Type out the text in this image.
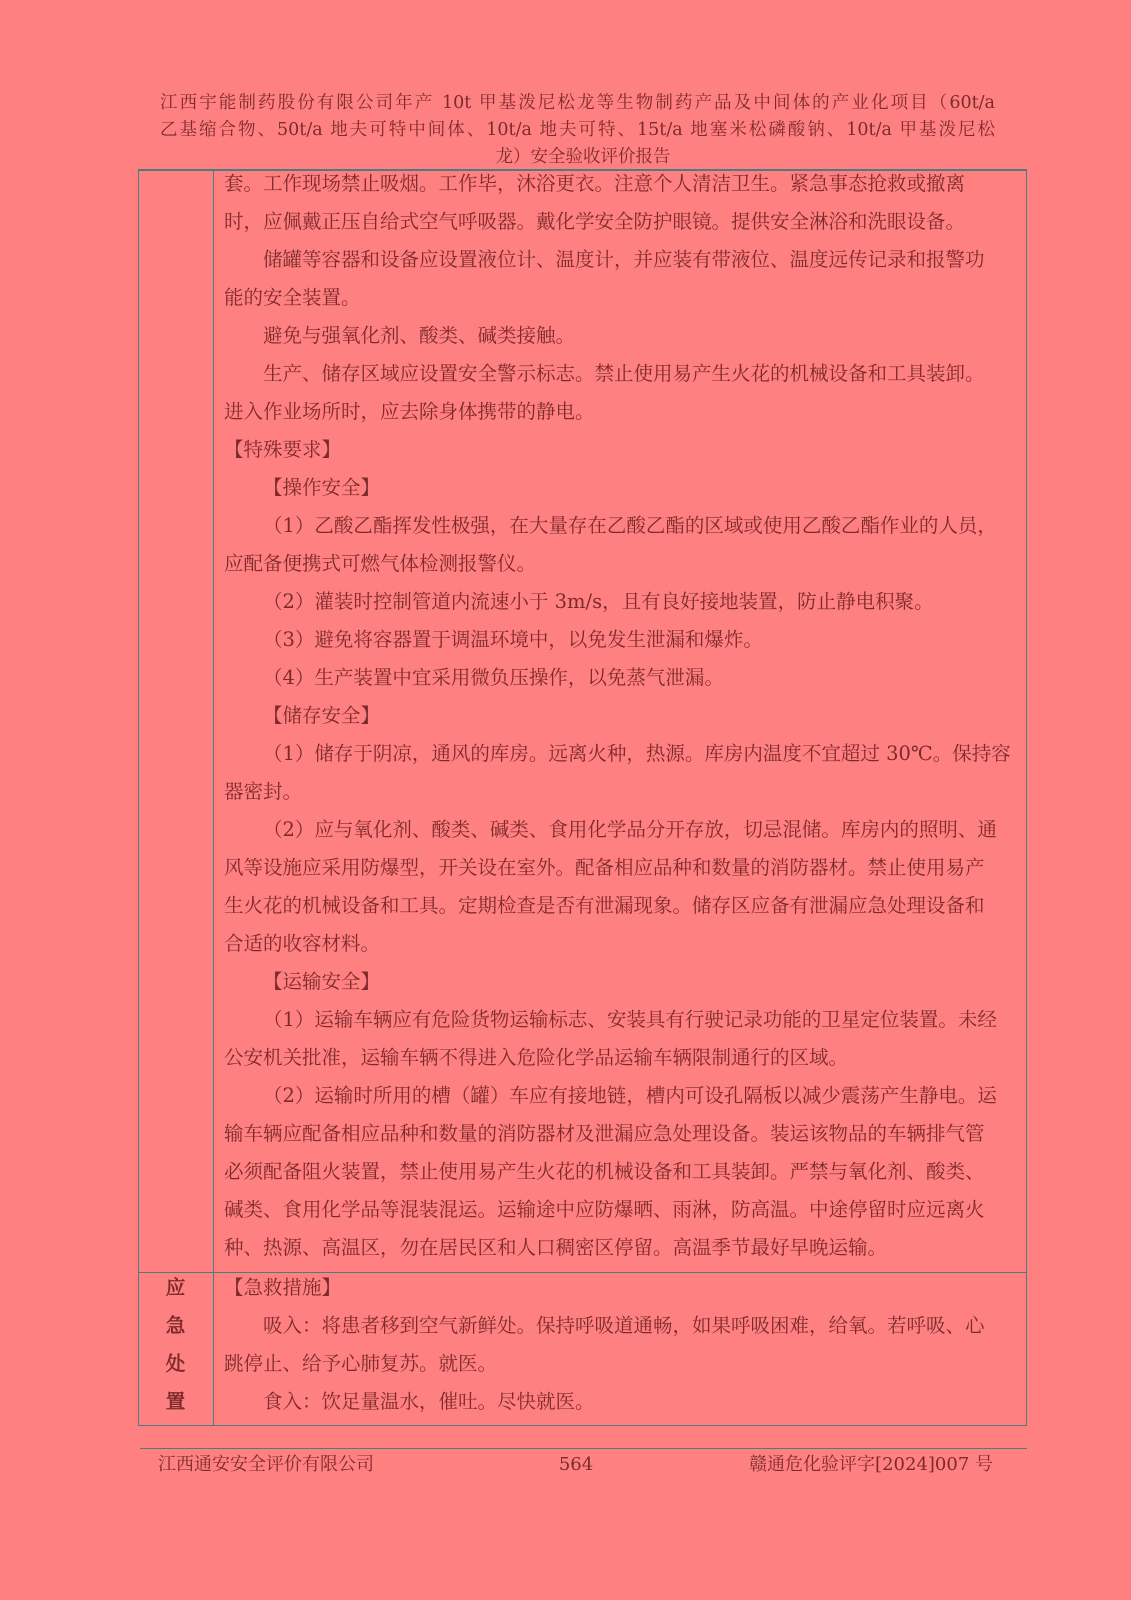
江西宇能制药股份有限公司年产 10t 甲基泼尼松龙等生物制药产品及中间体的产业化项目（60t/a
乙基缩合物、50t/a 地夫可特中间体、10t/a 地夫可特、15t/a 地塞米松磷酸钠、10t/a 甲基泼尼松
龙）安全验收评价报告
套。工作现场禁止吸烟。工作毕，沐浴更衣。注意个人清洁卫生。紧急事态抢救或撤离
时，应佩戴正压自给式空气呼吸器。戴化学安全防护眼镜。提供安全淋浴和洗眼设备。
储罐等容器和设备应设置液位计、温度计，并应装有带液位、温度远传记录和报警功
能的安全装置。
避免与强氧化剂、酸类、碱类接触。
生产、储存区域应设置安全警示标志。禁止使用易产生火花的机械设备和工具装卸。
进入作业场所时，应去除身体携带的静电。
【特殊要求】
【操作安全】
（1）乙酸乙酯挥发性极强，在大量存在乙酸乙酯的区域或使用乙酸乙酯作业的人员，
应配备便携式可燃气体检测报警仪。
（2）灌装时控制管道内流速小于 3m/s，且有良好接地装置，防止静电积聚。
（3）避免将容器置于调温环境中，以免发生泄漏和爆炸。
（4）生产装置中宜采用微负压操作，以免蒸气泄漏。
【储存安全】
（1）储存于阴凉，通风的库房。远离火种，热源。库房内温度不宜超过 30℃。保持容
器密封。
（2）应与氧化剂、酸类、碱类、食用化学品分开存放，切忌混储。库房内的照明、通
风等设施应采用防爆型，开关设在室外。配备相应品种和数量的消防器材。禁止使用易产
生火花的机械设备和工具。定期检查是否有泄漏现象。储存区应备有泄漏应急处理设备和
合适的收容材料。
【运输安全】
（1）运输车辆应有危险货物运输标志、安装具有行驶记录功能的卫星定位装置。未经
公安机关批准，运输车辆不得进入危险化学品运输车辆限制通行的区域。
（2）运输时所用的槽（罐）车应有接地链，槽内可设孔隔板以减少震荡产生静电。运
输车辆应配备相应品种和数量的消防器材及泄漏应急处理设备。装运该物品的车辆排气管
必须配备阻火装置，禁止使用易产生火花的机械设备和工具装卸。严禁与氧化剂、酸类、
碱类、食用化学品等混装混运。运输途中应防爆晒、雨淋，防高温。中途停留时应远离火
种、热源、高温区，勿在居民区和人口稠密区停留。高温季节最好早晚运输。
应
急
处
置
【急救措施】
吸入：将患者移到空气新鲜处。保持呼吸道通畅，如果呼吸困难，给氧。若呼吸、心
跳停止、给予心肺复苏。就医。
食入：饮足量温水，催吐。尽快就医。
江西通安安全评价有限公司	564	赣通危化验评字[2024]007 号
